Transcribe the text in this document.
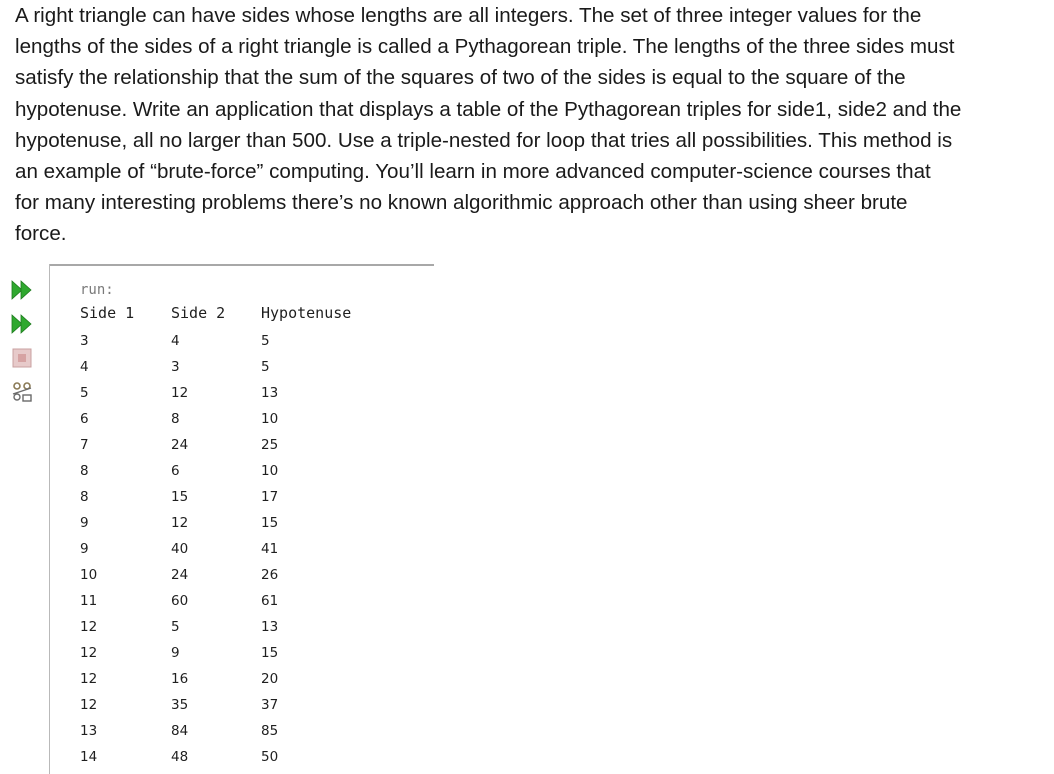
A right triangle can have sides whose lengths are all integers. The set of three integer values for the
lengths of the sides of a right triangle is called a Pythagorean triple. The lengths of the three sides must
satisfy the relationship that the sum of the squares of two of the sides is equal to the square of the
hypotenuse. Write an application that displays a table of the Pythagorean triples for side1, side2 and the
hypotenuse, all no larger than 500. Use a triple-nested for loop that tries all possibilities. This method is
an example of “brute-force” computing. You’ll learn in more advanced computer-science courses that
for many interesting problems there’s no known algorithmic approach other than using sheer brute
force.
run:
Side 1 Side 2 Hypotenuse
3	4	5
4	3	5
5	12	13
6	8	10
7	24	25
8	6	10
8	15	17
9	12	15
9	40	41
10	24	26
11	60	61
12	5	13
12	9	15
12	16	20
12	35	37
13	84	85
14	48	50
